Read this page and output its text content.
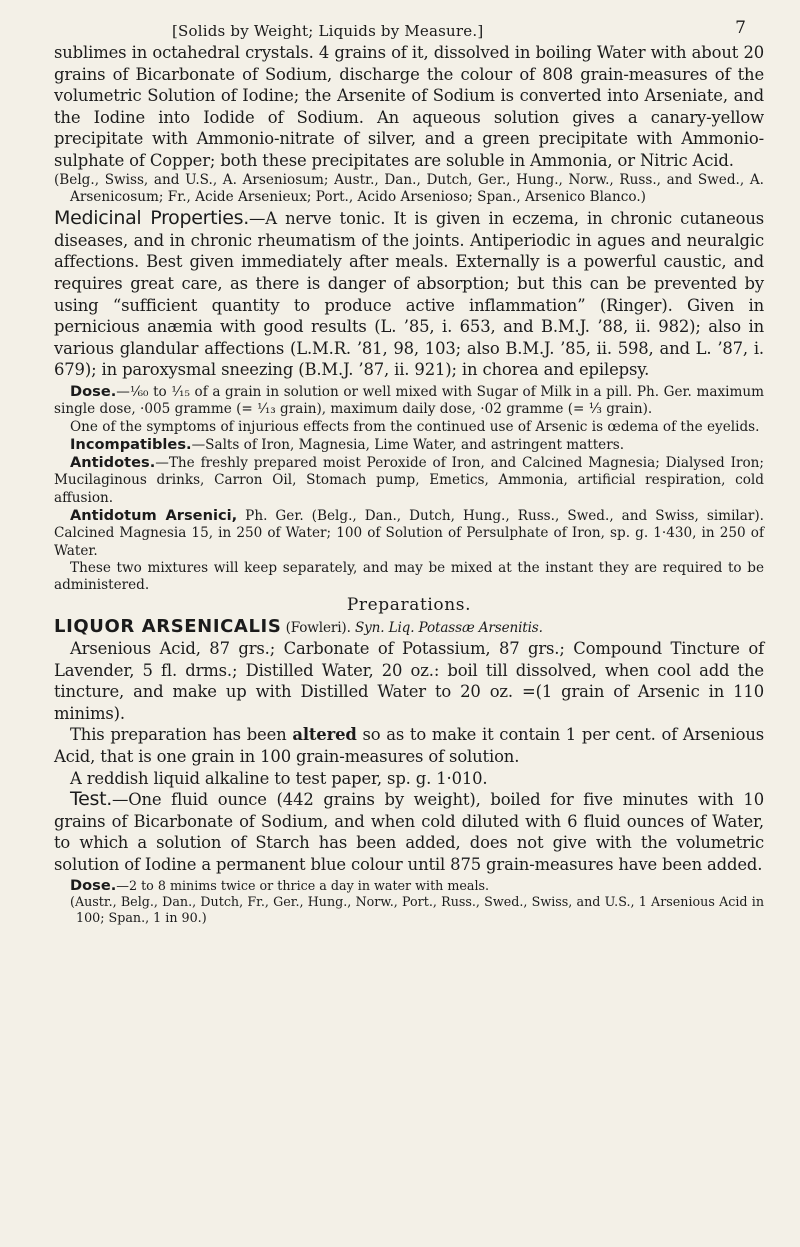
[Solids by Weight; Liquids by Measure.]	7

sublimes in octahedral crystals. 4 grains of it, dissolved in boiling Water with about 20 grains of Bicarbonate of Sodium, discharge the colour of 808 grain-measures of the volumetric Solution of Iodine; the Arsenite of Sodium is converted into Arseniate, and the Iodine into Iodide of Sodium. An aqueous solution gives a canary-yellow precipitate with Ammonio-nitrate of silver, and a green precipitate with Ammonio-sulphate of Copper; both these precipitates are soluble in Ammonia, or Nitric Acid.

(Belg., Swiss, and U.S., A. Arseniosum; Austr., Dan., Dutch, Ger., Hung., Norw., Russ., and Swed., A. Arsenicosum; Fr., Acide Arsenieux; Port., Acido Arsenioso; Span., Arsenico Blanco.)

Medicinal Properties.—A nerve tonic. It is given in eczema, in chronic cutaneous diseases, and in chronic rheumatism of the joints. Antiperiodic in agues and neuralgic affections. Best given immediately after meals. Externally is a powerful caustic, and requires great care, as there is danger of absorption; but this can be prevented by using “sufficient quantity to produce active inflammation” (Ringer). Given in pernicious anæmia with good results (L. ’85, i. 653, and B.M.J. ’88, ii. 982); also in various glandular affections (L.M.R. ’81, 98, 103; also B.M.J. ’85, ii. 598, and L. ’87, i. 679); in paroxysmal sneezing (B.M.J. ’87, ii. 921); in chorea and epilepsy.

Dose.—¹⁄₆₀ to ¹⁄₁₅ of a grain in solution or well mixed with Sugar of Milk in a pill. Ph. Ger. maximum single dose, ·005 gramme (= ¹⁄₁₃ grain), maximum daily dose, ·02 gramme (= ⅓ grain).

One of the symptoms of injurious effects from the continued use of Arsenic is œdema of the eyelids.

Incompatibles.—Salts of Iron, Magnesia, Lime Water, and astringent matters.

Antidotes.—The freshly prepared moist Peroxide of Iron, and Calcined Magnesia; Dialysed Iron; Mucilaginous drinks, Carron Oil, Stomach pump, Emetics, Ammonia, artificial respiration, cold affusion.

Antidotum Arsenici, Ph. Ger. (Belg., Dan., Dutch, Hung., Russ., Swed., and Swiss, similar). Calcined Magnesia 15, in 250 of Water; 100 of Solution of Persulphate of Iron, sp. g. 1·430, in 250 of Water.

These two mixtures will keep separately, and may be mixed at the instant they are required to be administered.

Preparations.

LIQUOR ARSENICALIS (Fowleri). Syn. Liq. Potassæ Arsenitis.

Arsenious Acid, 87 grs.; Carbonate of Potassium, 87 grs.; Compound Tincture of Lavender, 5 fl. drms.; Distilled Water, 20 oz.: boil till dissolved, when cool add the tincture, and make up with Distilled Water to 20 oz. =(1 grain of Arsenic in 110 minims).

This preparation has been altered so as to make it contain 1 per cent. of Arsenious Acid, that is one grain in 100 grain-measures of solution.

A reddish liquid alkaline to test paper, sp. g. 1·010.

Test.—One fluid ounce (442 grains by weight), boiled for five minutes with 10 grains of Bicarbonate of Sodium, and when cold diluted with 6 fluid ounces of Water, to which a solution of Starch has been added, does not give with the volumetric solution of Iodine a permanent blue colour until 875 grain-measures have been added.

Dose.—2 to 8 minims twice or thrice a day in water with meals.

(Austr., Belg., Dan., Dutch, Fr., Ger., Hung., Norw., Port., Russ., Swed., Swiss, and U.S., 1 Arsenious Acid in 100; Span., 1 in 90.)
